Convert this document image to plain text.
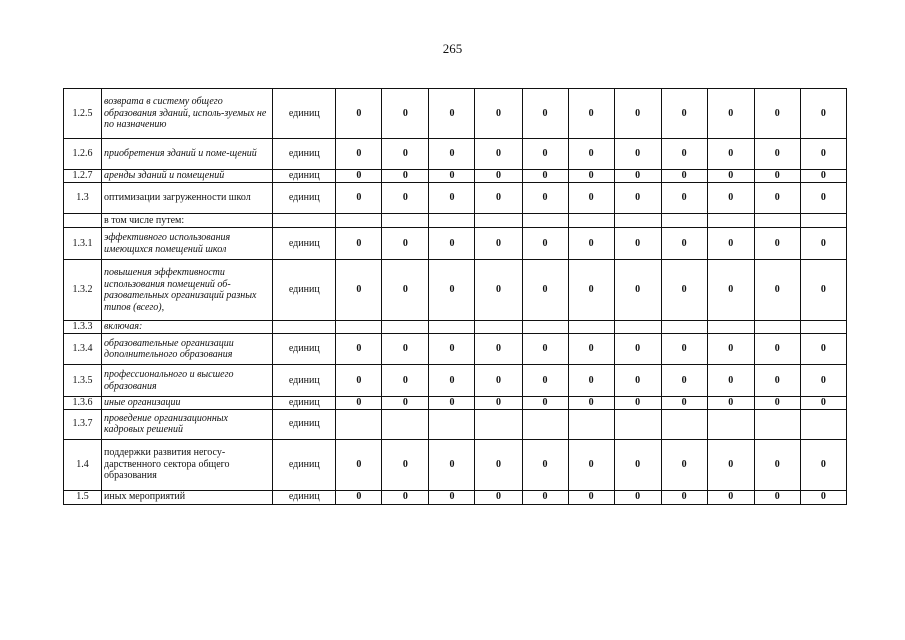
265
1.2.5	возврата в систему общего образования зданий, исполь-зуемых не по назначению	единиц	0	0	0	0	0	0	0	0	0	0	0
1.2.6	приобретения зданий и поме-щений	единиц	0	0	0	0	0	0	0	0	0	0	0
1.2.7	аренды зданий и помещений	единиц	0	0	0	0	0	0	0	0	0	0	0
1.3	оптимизации загруженности школ	единиц	0	0	0	0	0	0	0	0	0	0	0
	в том числе путем:												
1.3.1	эффективного использования имеющихся помещений школ	единиц	0	0	0	0	0	0	0	0	0	0	0
1.3.2	повышения эффективности использования помещений об-разовательных организаций разных типов (всего),	единиц	0	0	0	0	0	0	0	0	0	0	0
1.3.3	включая:												
1.3.4	образовательные организации дополнительного образования	единиц	0	0	0	0	0	0	0	0	0	0	0
1.3.5	профессионального и высшего образования	единиц	0	0	0	0	0	0	0	0	0	0	0
1.3.6	иные организации	единиц	0	0	0	0	0	0	0	0	0	0	0
1.3.7	проведение организационных кадровых решений	единиц											
1.4	поддержки развития негосу-дарственного сектора общего образования	единиц	0	0	0	0	0	0	0	0	0	0	0
1.5	иных мероприятий	единиц	0	0	0	0	0	0	0	0	0	0	0
